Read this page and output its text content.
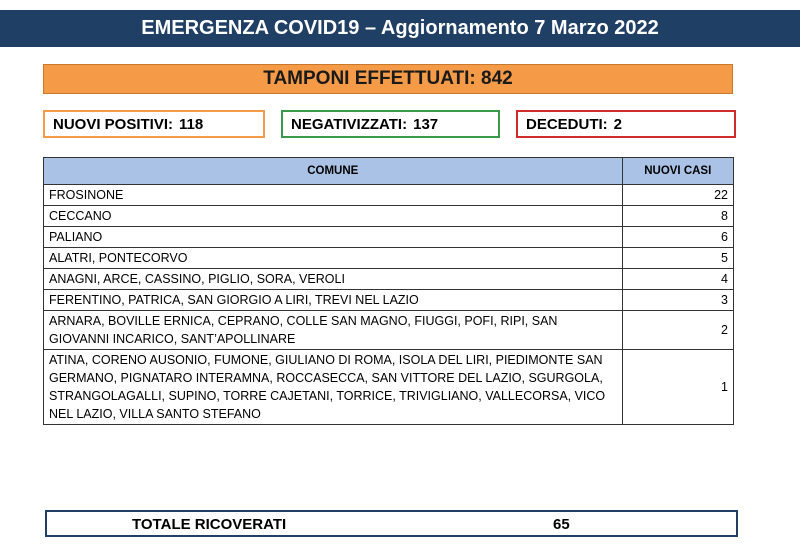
EMERGENZA COVID19 – Aggiornamento 7 Marzo 2022
TAMPONI EFFETTUATI:
842
NUOVI POSITIVI: 118	NEGATIVIZZATI: 137	DECEDUTI: 2
COMUNE	NUOVI CASI
FROSINONE	22
CECCANO	8
PALIANO	6
ALATRI, PONTECORVO	5
ANAGNI, ARCE, CASSINO, PIGLIO, SORA, VEROLI	4
FERENTINO, PATRICA, SAN GIORGIO A LIRI, TREVI NEL LAZIO	3
ARNARA, BOVILLE ERNICA, CEPRANO, COLLE SAN MAGNO, FIUGGI, POFI, RIPI, SAN GIOVANNI INCARICO, SANT’APOLLINARE	2
ATINA, CORENO AUSONIO, FUMONE, GIULIANO DI ROMA, ISOLA DEL LIRI, PIEDIMONTE SAN GERMANO, PIGNATARO INTERAMNA, ROCCASECCA, SAN VITTORE DEL LAZIO, SGURGOLA, STRANGOLAGALLI, SUPINO, TORRE CAJETANI, TORRICE, TRIVIGLIANO, VALLECORSA, VICO NEL LAZIO, VILLA SANTO STEFANO	1
TOTALE RICOVERATI	65
